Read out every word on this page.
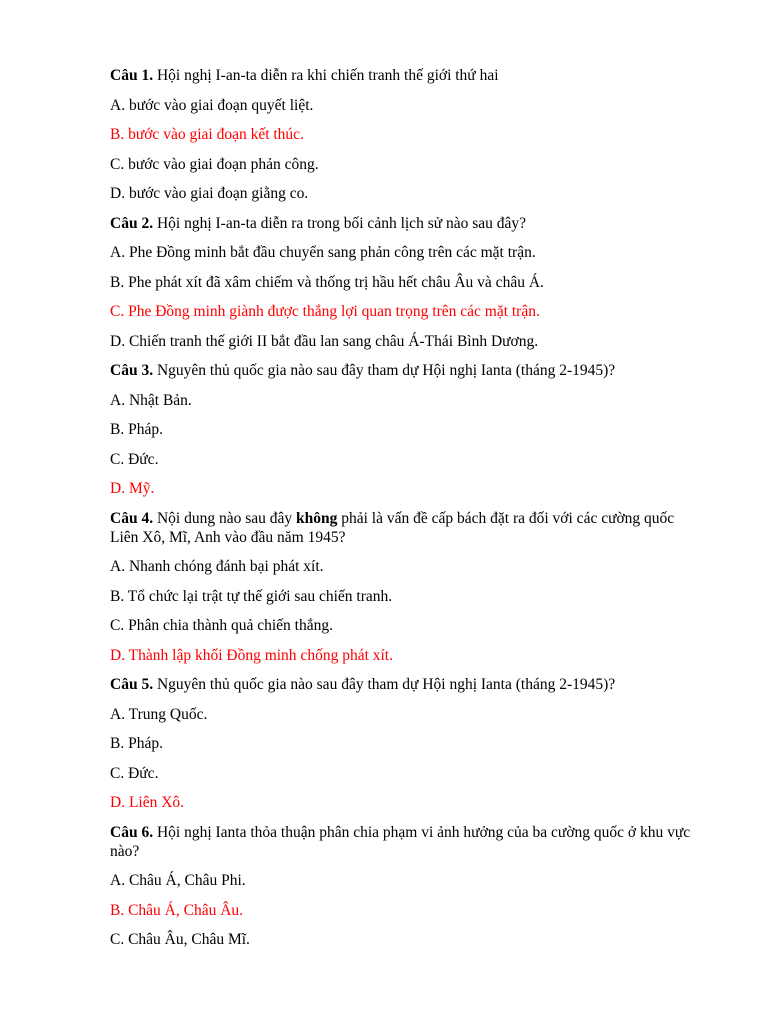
Câu 1. Hội nghị I-an-ta diễn ra khi chiến tranh thế giới thứ hai
A. bước vào giai đoạn quyết liệt.
B. bước vào giai đoạn kết thúc.
C. bước vào giai đoạn phản công.
D. bước vào giai đoạn giằng co.
Câu 2. Hội nghị I-an-ta diễn ra trong bối cảnh lịch sử nào sau đây?
A. Phe Đồng minh bắt đầu chuyển sang phản công trên các mặt trận.
B. Phe phát xít đã xâm chiếm và thống trị hầu hết châu Âu và châu Á.
C. Phe Đồng minh giành được thắng lợi quan trọng trên các mặt trận.
D. Chiến tranh thế giới II bắt đầu lan sang châu Á-Thái Bình Dương.
Câu 3. Nguyên thủ quốc gia nào sau đây tham dự Hội nghị Ianta (tháng 2-1945)?
A. Nhật Bản.
B. Pháp.
C. Đức.
D. Mỹ.
Câu 4. Nội dung nào sau đây không phải là vấn đề cấp bách đặt ra đối với các cường quốc Liên Xô, Mĩ, Anh vào đầu năm 1945?
A. Nhanh chóng đánh bại phát xít.
B. Tổ chức lại trật tự thế giới sau chiến tranh.
C. Phân chia thành quả chiến thắng.
D. Thành lập khối Đồng minh chống phát xít.
Câu 5. Nguyên thủ quốc gia nào sau đây tham dự Hội nghị Ianta (tháng 2-1945)?
A. Trung Quốc.
B. Pháp.
C. Đức.
D. Liên Xô.
Câu 6. Hội nghị Ianta thỏa thuận phân chia phạm vi ảnh hưởng của ba cường quốc ở khu vực nào?
A. Châu Á, Châu Phi.
B. Châu Á, Châu Âu.
C. Châu Âu, Châu Mĩ.
